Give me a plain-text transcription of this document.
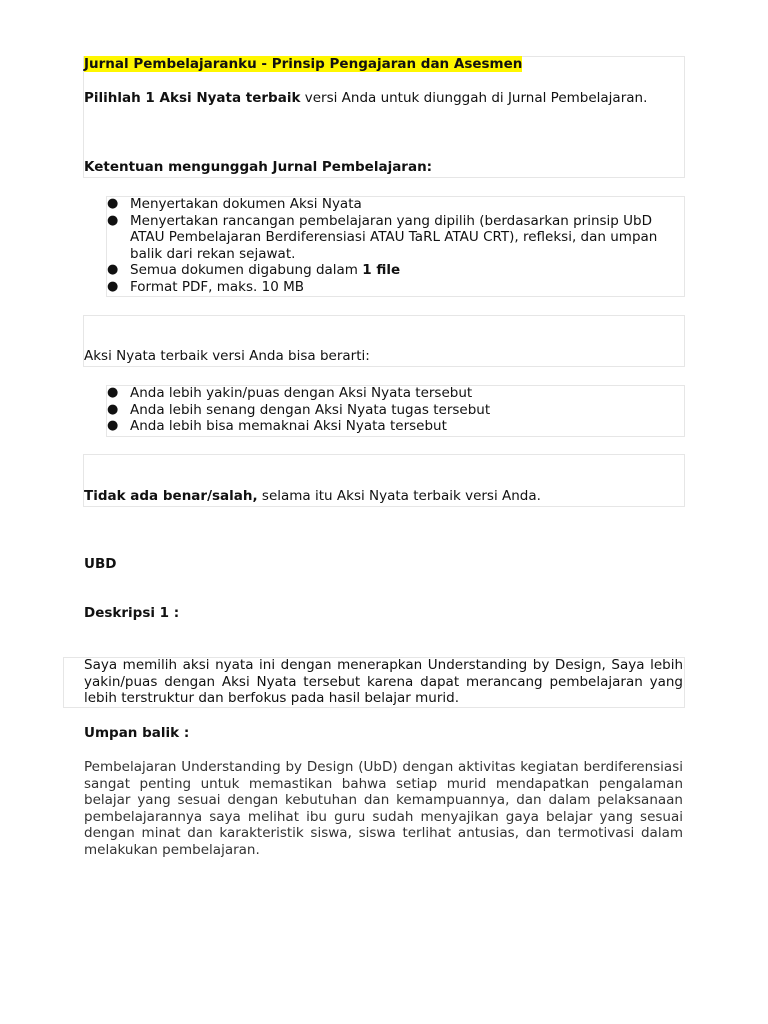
Jurnal Pembelajaranku - Prinsip Pengajaran dan Asesmen
Pilihlah 1 Aksi Nyata terbaik versi Anda untuk diunggah di Jurnal Pembelajaran.
Ketentuan mengunggah Jurnal Pembelajaran:
● Menyertakan dokumen Aksi Nyata
● Menyertakan rancangan pembelajaran yang dipilih (berdasarkan prinsip UbD ATAU Pembelajaran Berdiferensiasi ATAU TaRL ATAU CRT), refleksi, dan umpan balik dari rekan sejawat.
● Semua dokumen digabung dalam 1 file
● Format PDF, maks. 10 MB
Aksi Nyata terbaik versi Anda bisa berarti:
● Anda lebih yakin/puas dengan Aksi Nyata tersebut
● Anda lebih senang dengan Aksi Nyata tugas tersebut
● Anda lebih bisa memaknai Aksi Nyata tersebut
Tidak ada benar/salah, selama itu Aksi Nyata terbaik versi Anda.
UBD
Deskripsi 1 :
Saya memilih aksi nyata ini dengan menerapkan Understanding by Design, Saya lebih yakin/puas dengan Aksi Nyata tersebut karena dapat merancang pembelajaran yang lebih terstruktur dan berfokus pada hasil belajar murid.
Umpan balik :
Pembelajaran Understanding by Design (UbD) dengan aktivitas kegiatan berdiferensiasi sangat penting untuk memastikan bahwa setiap murid mendapatkan pengalaman belajar yang sesuai dengan kebutuhan dan kemampuannya, dan dalam pelaksanaan pembelajarannya saya melihat ibu guru sudah menyajikan gaya belajar yang sesuai dengan minat dan karakteristik siswa, siswa terlihat antusias, dan termotivasi dalam melakukan pembelajaran.
